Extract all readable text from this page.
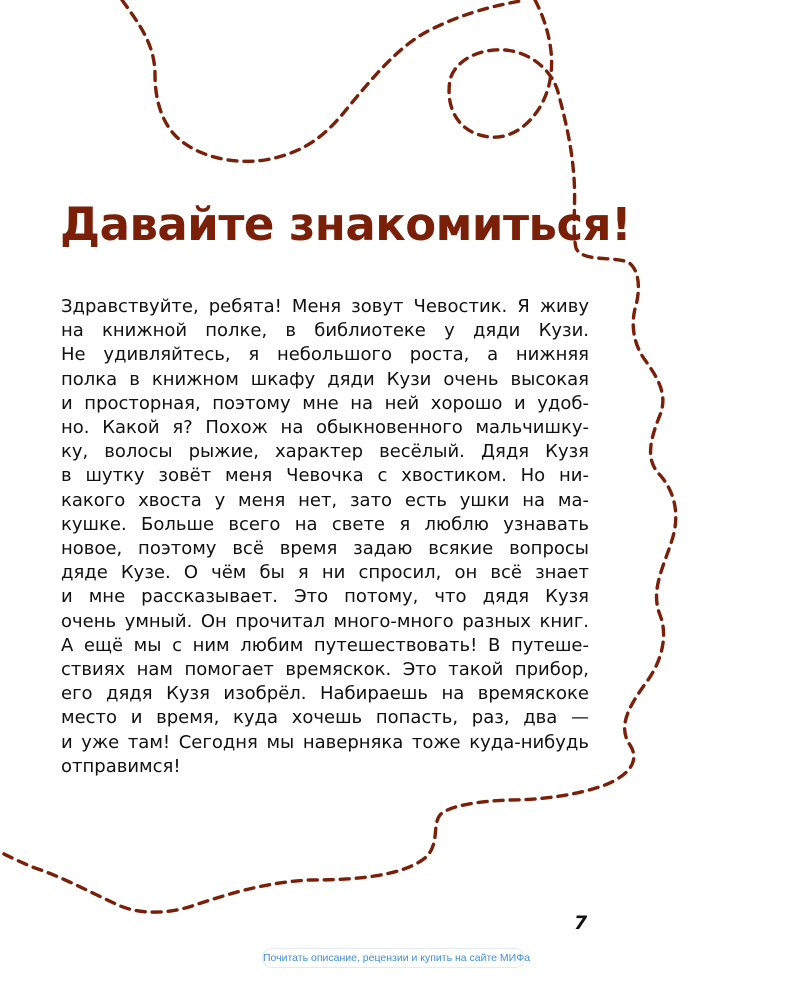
Давайте знакомиться!

Здравствуйте, ребята! Меня зовут Чевостик. Я живу
на книжной полке, в библиотеке у дяди Кузи.
Не удивляйтесь, я небольшого роста, а нижняя
полка в книжном шкафу дяди Кузи очень высокая
и просторная, поэтому мне на ней хорошо и удоб-
но. Какой я? Похож на обыкновенного мальчишку-
ку, волосы рыжие, характер весёлый. Дядя Кузя
в шутку зовёт меня Чевочка с хвостиком. Но ни-
какого хвоста у меня нет, зато есть ушки на ма-
кушке. Больше всего на свете я люблю узнавать
новое, поэтому всё время задаю всякие вопросы
дяде Кузе. О чём бы я ни спросил, он всё знает
и мне рассказывает. Это потому, что дядя Кузя
очень умный. Он прочитал много-много разных книг.
А ещё мы с ним любим путешествовать! В путеше-
ствиях нам помогает времяскок. Это такой прибор,
его дядя Кузя изобрёл. Набираешь на времяскоке
место и время, куда хочешь попасть, раз, два —
и уже там! Сегодня мы наверняка тоже куда-нибудь
отправимся!

7
Почитать описание, рецензии и купить на сайте МИФа
